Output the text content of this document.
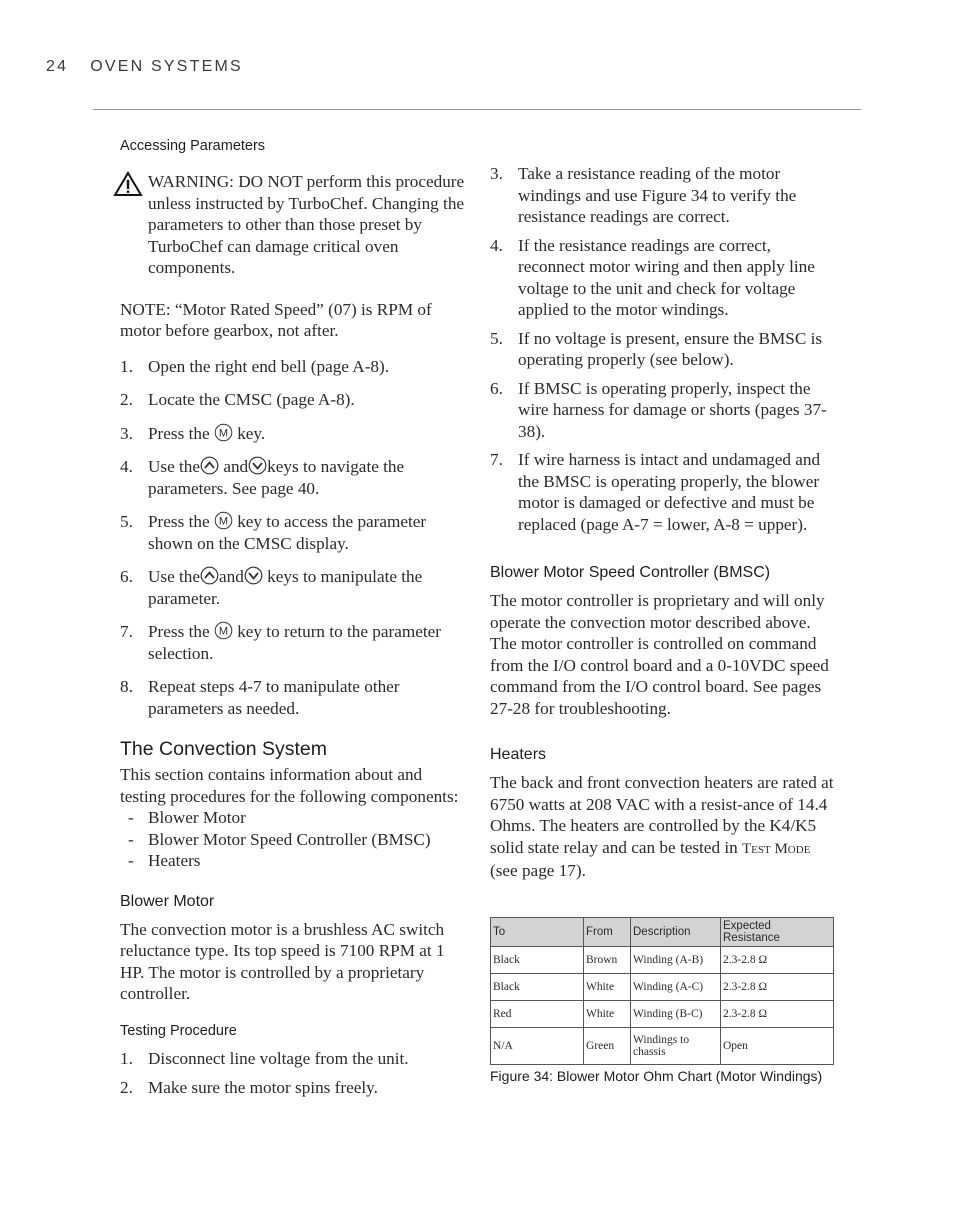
24 OVEN SYSTEMS
Accessing Parameters

WARNING: DO NOT perform this procedure unless instructed by TurboChef. Changing the parameters to other than those preset by TurboChef can damage critical oven components.

NOTE: “Motor Rated Speed” (07) is RPM of motor before gearbox, not after.

1. Open the right end bell (page A-8).
2. Locate the CMSC (page A-8).
3. Press the M key.
4. Use the and keys to navigate the parameters. See page 40.
5. Press the M key to access the parameter shown on the CMSC display.
6. Use the and keys to manipulate the parameter.
7. Press the M key to return to the parameter selection.
8. Repeat steps 4-7 to manipulate other parameters as needed.
The Convection System

This section contains information about and testing procedures for the following components:

- Blower Motor
- Blower Motor Speed Controller (BMSC)
- Heaters
Blower Motor

The convection motor is a brushless AC switch reluctance type. Its top speed is 7100 RPM at 1 HP. The motor is controlled by a proprietary controller.

Testing Procedure
1. Disconnect line voltage from the unit.
2. Make sure the motor spins freely.
3. Take a resistance reading of the motor windings and use Figure 34 to verify the resistance readings are correct.
4. If the resistance readings are correct, reconnect motor wiring and then apply line voltage to the unit and check for voltage applied to the motor windings.
5. If no voltage is present, ensure the BMSC is operating properly (see below).
6. If BMSC is operating properly, inspect the wire harness for damage or shorts (pages 37-38).
7. If wire harness is intact and undamaged and the BMSC is operating properly, the blower motor is damaged or defective and must be replaced (page A-7 = lower, A-8 = upper).
Blower Motor Speed Controller (BMSC)

The motor controller is proprietary and will only operate the convection motor described above. The motor controller is controlled on command from the I/O control board and a 0-10VDC speed command from the I/O control board. See pages 27-28 for troubleshooting.

Heaters

The back and front convection heaters are rated at 6750 watts at 208 VAC with a resist-ance of 14.4 Ohms. The heaters are controlled by the K4/K5 solid state relay and can be tested in Test Mode (see page 17).

To	From	Description	Expected Resistance
Black	Brown	Winding (A-B)	2.3-2.8 Ω
Black	White	Winding (A-C)	2.3-2.8 Ω
Red	White	Winding (B-C)	2.3-2.8 Ω
N/A	Green	Windings to chassis	Open
Figure 34: Blower Motor Ohm Chart (Motor Windings)
